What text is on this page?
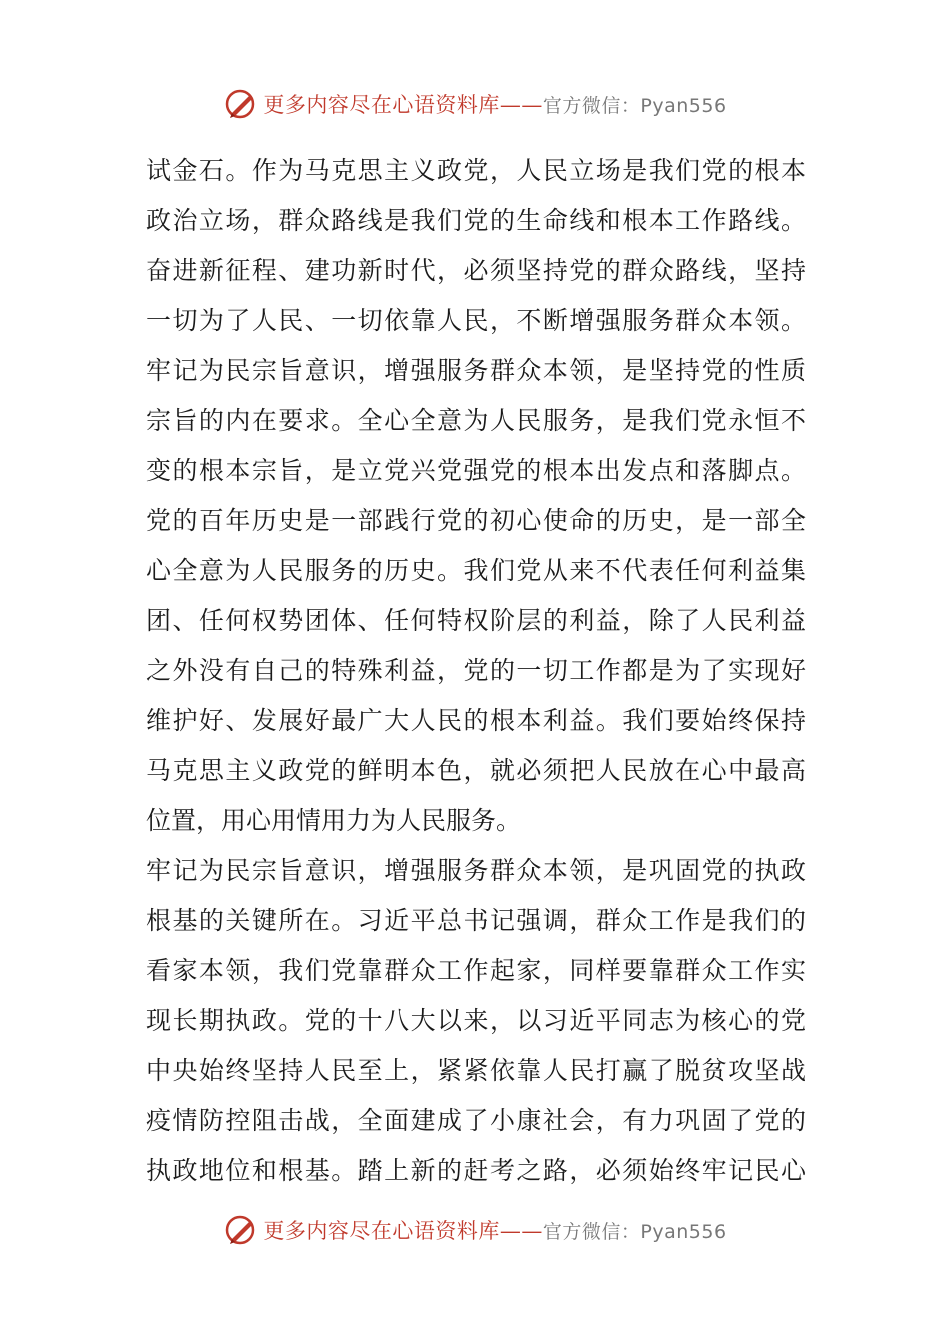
更多内容尽在心语资料库——官方微信：Pyan556
试金石。作为马克思主义政党，人民立场是我们党的根本
政治立场，群众路线是我们党的生命线和根本工作路线。
奋进新征程、建功新时代，必须坚持党的群众路线，坚持
一切为了人民、一切依靠人民，不断增强服务群众本领。
牢记为民宗旨意识，增强服务群众本领，是坚持党的性质
宗旨的内在要求。全心全意为人民服务，是我们党永恒不
变的根本宗旨，是立党兴党强党的根本出发点和落脚点。
党的百年历史是一部践行党的初心使命的历史，是一部全
心全意为人民服务的历史。我们党从来不代表任何利益集
团、任何权势团体、任何特权阶层的利益，除了人民利益
之外没有自己的特殊利益，党的一切工作都是为了实现好
维护好、发展好最广大人民的根本利益。我们要始终保持
马克思主义政党的鲜明本色，就必须把人民放在心中最高
位置，用心用情用力为人民服务。
牢记为民宗旨意识，增强服务群众本领，是巩固党的执政
根基的关键所在。习近平总书记强调，群众工作是我们的
看家本领，我们党靠群众工作起家，同样要靠群众工作实
现长期执政。党的十八大以来，以习近平同志为核心的党
中央始终坚持人民至上，紧紧依靠人民打赢了脱贫攻坚战
疫情防控阻击战，全面建成了小康社会，有力巩固了党的
执政地位和根基。踏上新的赶考之路，必须始终牢记民心
更多内容尽在心语资料库——官方微信：Pyan556
